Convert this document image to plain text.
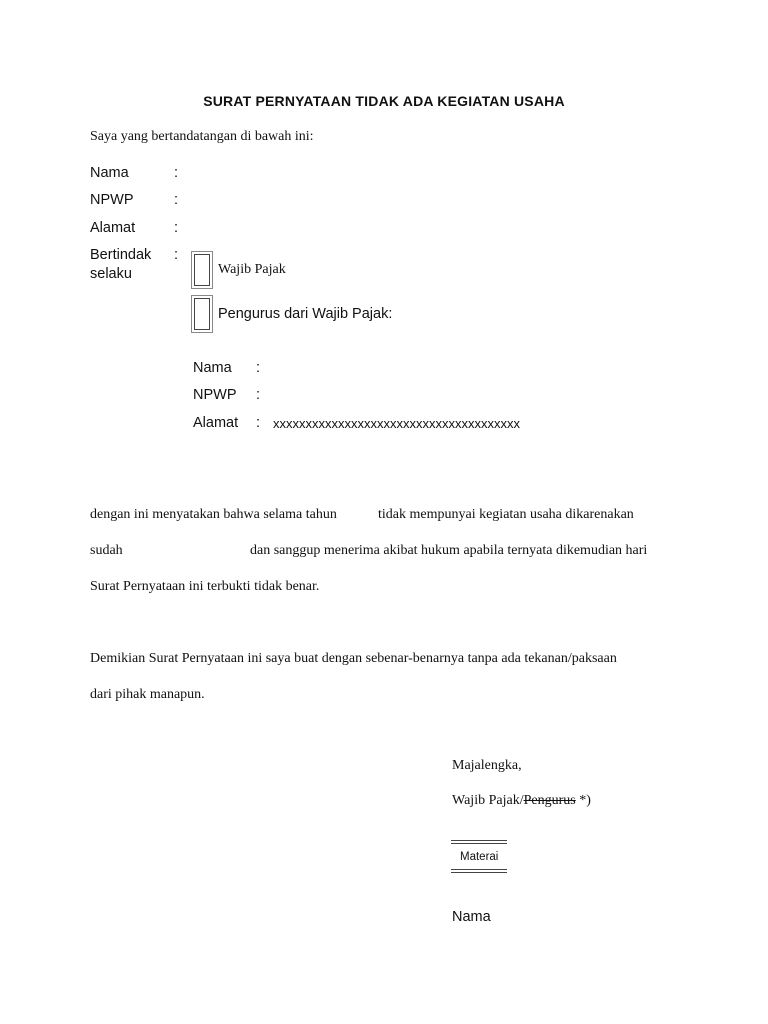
SURAT PERNYATAAN TIDAK ADA KEGIATAN USAHA
Saya yang bertandatangan di bawah ini:
Nama	:
NPWP	:
Alamat	:
Bertindak
selaku
:
Wajib Pajak
Pengurus dari Wajib Pajak:
Nama :
NPWP :
Alamat : xxxxxxxxxxxxxxxxxxxxxxxxxxxxxxxxxxxxxx
dengan ini menyatakan bahwa selama tahun	tidak mempunyai kegiatan usaha dikarenakan
sudah	dan sanggup menerima akibat hukum apabila ternyata dikemudian hari
Surat Pernyataan ini terbukti tidak benar.
Demikian Surat Pernyataan ini saya buat dengan sebenar-benarnya tanpa ada tekanan/paksaan
dari pihak manapun.
Majalengka,
Wajib Pajak/Pengurus *)
Materai
Nama
